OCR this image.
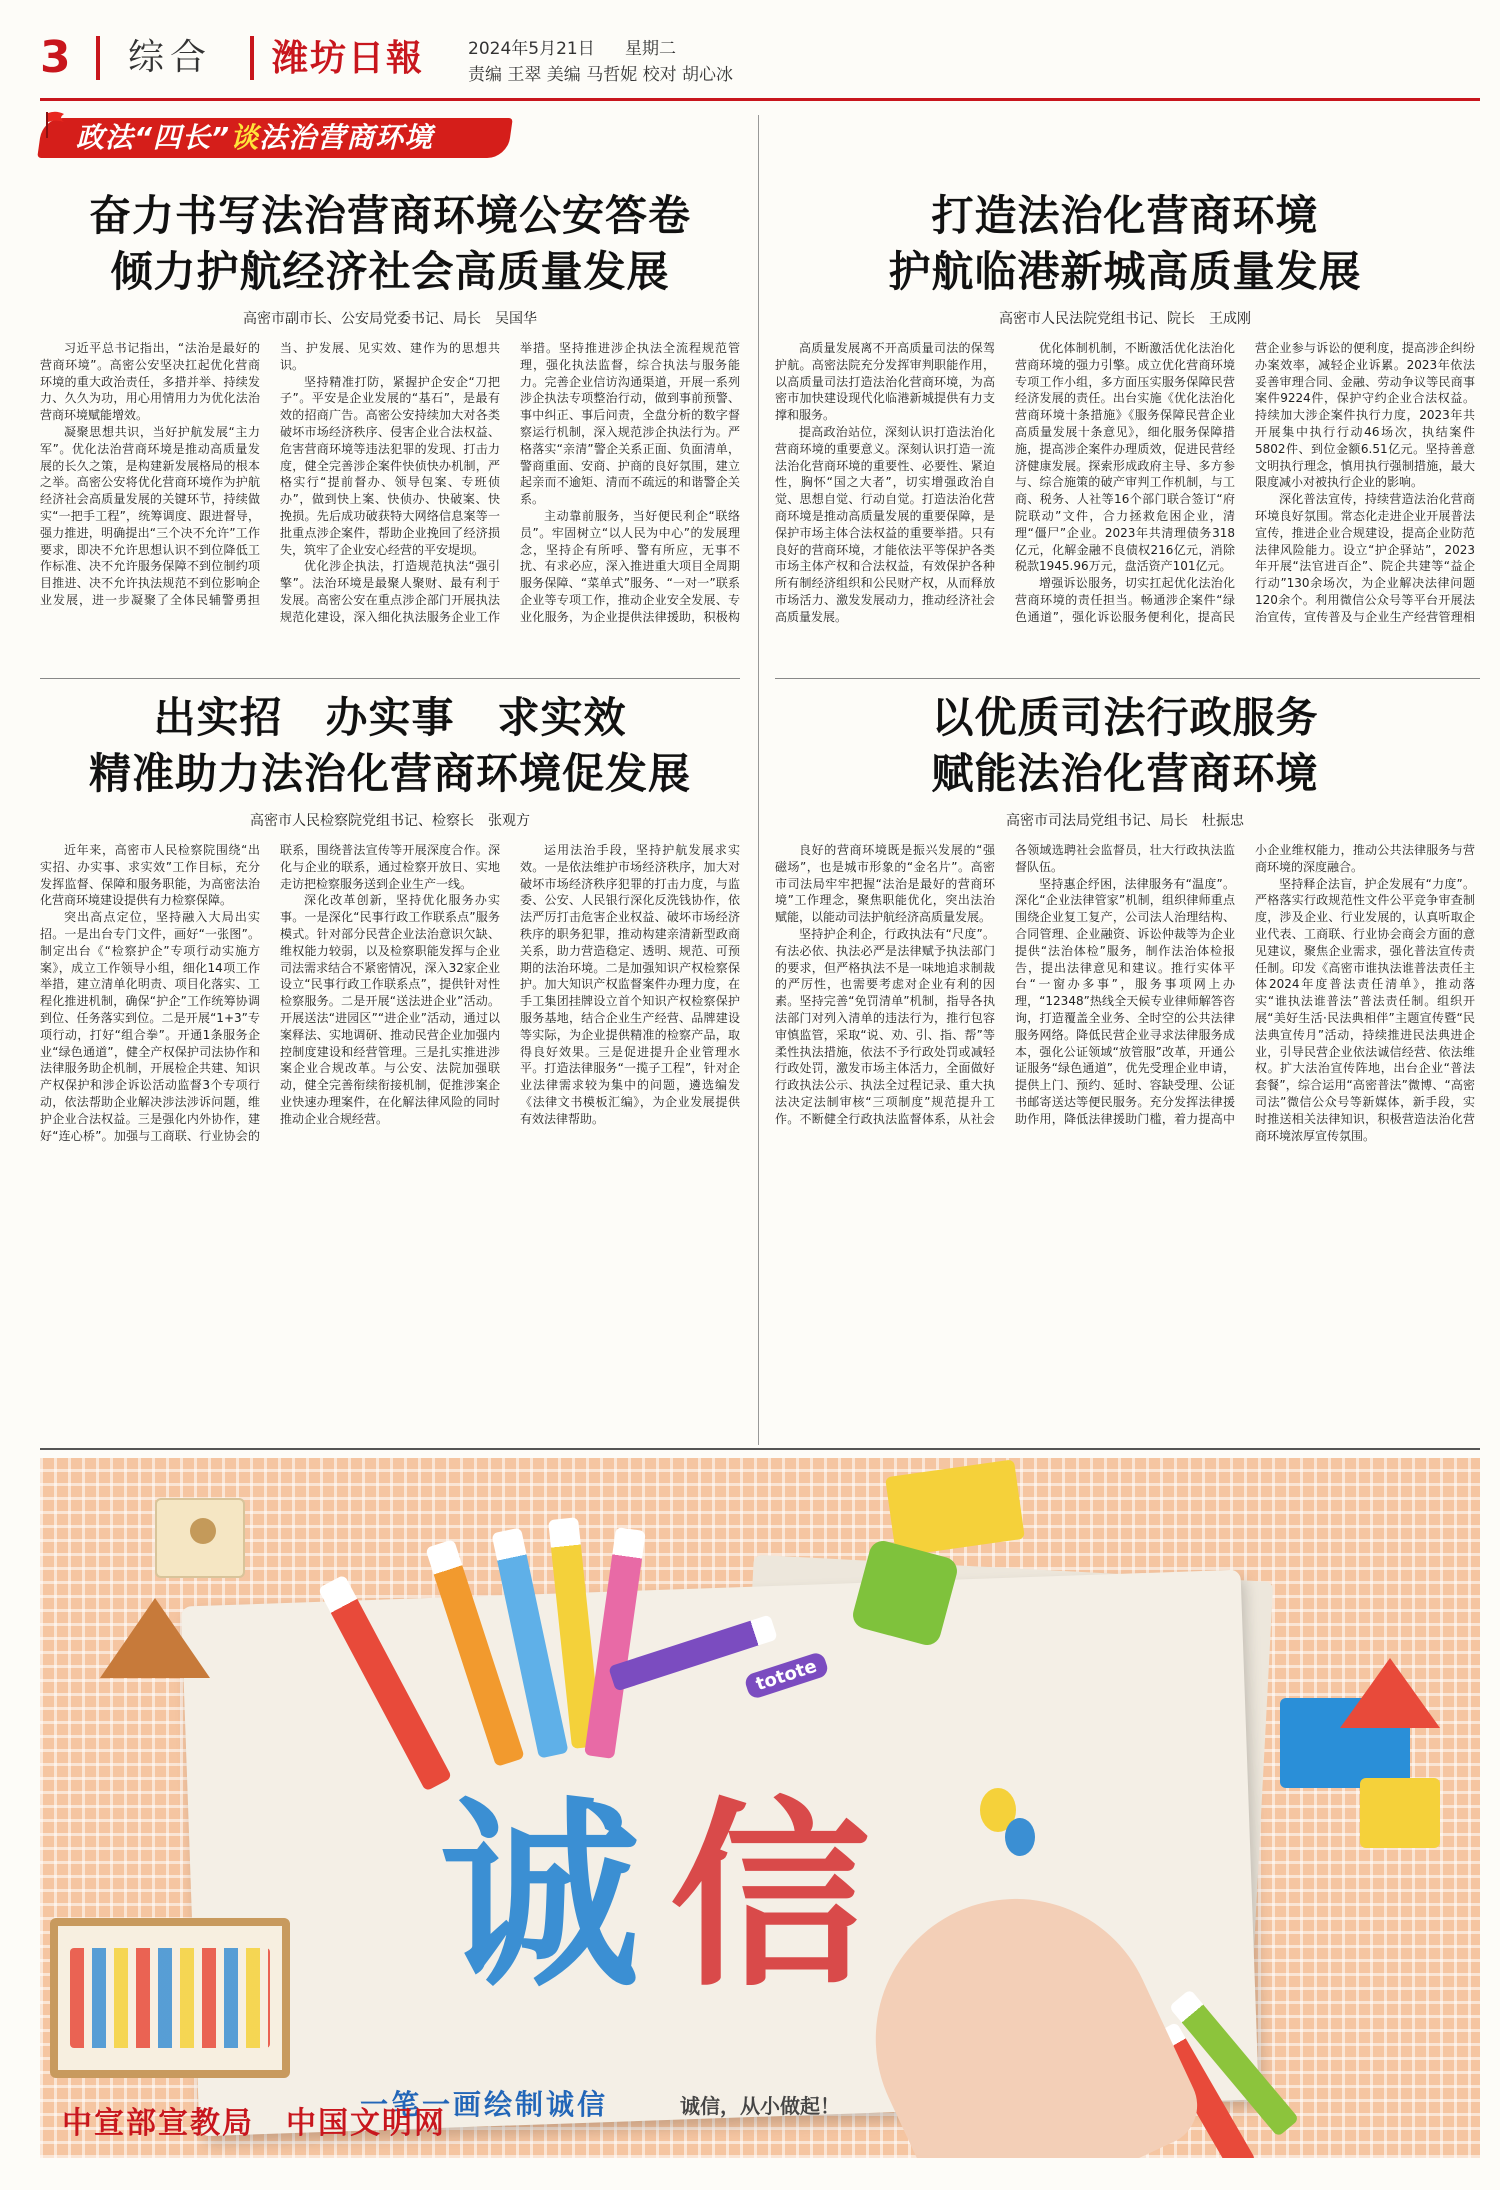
3 综合 潍坊日報	2024年5月21日 星期二
责编 王翠 美编 马哲妮 校对 胡心冰
政法“四长”谈法治营商环境
奋力书写法治营商环境公安答卷
倾力护航经济社会高质量发展
高密市副市长、公安局党委书记、局长　吴国华

习近平总书记指出，“法治是最好的营商环境”。高密公安坚决扛起优化营商环境的重大政治责任，多措并举、持续发力、久久为功，用心用情用力为优化法治营商环境赋能增效。

凝聚思想共识，当好护航发展“主力军”。优化法治营商环境是推动高质量发展的长久之策，是构建新发展格局的根本之举。高密公安将优化营商环境作为护航经济社会高质量发展的关键环节，持续做实“一把手工程”，统筹调度、跟进督导，强力推进，明确提出“三个决不允许”工作要求，即决不允许思想认识不到位降低工作标准、决不允许服务保障不到位制约项目推进、决不允许执法规范不到位影响企业发展，进一步凝聚了全体民辅警勇担当、护发展、见实效、建作为的思想共识。

坚持精准打防，紧握护企安企“刀把子”。平安是企业发展的“基石”，是最有效的招商广告。高密公安持续加大对各类破坏市场经济秩序、侵害企业合法权益、危害营商环境等违法犯罪的发现、打击力度，健全完善涉企案件快侦快办机制，严格实行“提前督办、领导包案、专班侦办”，做到快上案、快侦办、快破案、快挽损。先后成功破获特大网络信息案等一批重点涉企案件，帮助企业挽回了经济损失，筑牢了企业安心经营的平安堤坝。

优化涉企执法，打造规范执法“强引擎”。法治环境是最聚人聚财、最有利于发展。高密公安在重点涉企部门开展执法规范化建设，深入细化执法服务企业工作举措。坚持推进涉企执法全流程规范管理，强化执法监督，综合执法与服务能力。完善企业信访沟通渠道，开展一系列涉企执法专项整治行动，做到事前预警、事中纠正、事后问责，全盘分析的数字督察运行机制，深入规范涉企执法行为。严格落实“亲清”警企关系正面、负面清单，警商重面、安商、护商的良好氛围，建立起亲而不逾矩、清而不疏远的和谐警企关系。

主动靠前服务，当好便民利企“联络员”。牢固树立“以人民为中心”的发展理念，坚持企有所呼、警有所应，无事不扰、有求必应，深入推进重大项目全周期服务保障、“菜单式”服务、“一对一”联系企业等专项工作，推动企业安全发展、专业化服务，为企业提供法律援助，积极构

打造法治化营商环境
护航临港新城高质量发展
高密市人民法院党组书记、院长　王成刚

高质量发展离不开高质量司法的保驾护航。高密法院充分发挥审判职能作用，以高质量司法打造法治化营商环境，为高密市加快建设现代化临港新城提供有力支撑和服务。

提高政治站位，深刻认识打造法治化营商环境的重要意义。深刻认识打造一流法治化营商环境的重要性、必要性、紧迫性，胸怀“国之大者”，切实增强政治自觉、思想自觉、行动自觉。打造法治化营商环境是推动高质量发展的重要保障，是保护市场主体合法权益的重要举措。只有良好的营商环境，才能依法平等保护各类市场主体产权和合法权益，有效保护各种所有制经济组织和公民财产权，从而释放市场活力、激发发展动力，推动经济社会高质量发展。

优化体制机制，不断激活优化法治化营商环境的强力引擎。成立优化营商环境专项工作小组，多方面压实服务保障民营经济发展的责任。出台实施《优化法治化营商环境十条措施》《服务保障民营企业高质量发展十条意见》，细化服务保障措施，提高涉企案件办理质效，促进民营经济健康发展。探索形成政府主导、多方参与、综合施策的破产审判工作机制，与工商、税务、人社等16个部门联合签订“府院联动”文件，合力拯救危困企业，清理“僵尸”企业。2023年共清理债务318亿元，化解金融不良债权216亿元，消除税款1945.96万元，盘活资产101亿元。

增强诉讼服务，切实扛起优化法治化营商环境的责任担当。畅通涉企案件“绿色通道”，强化诉讼服务便利化，提高民营企业参与诉讼的便利度，提高涉企纠纷办案效率，减轻企业诉累。2023年依法妥善审理合同、金融、劳动争议等民商事案件9224件，保护守约企业合法权益。持续加大涉企案件执行力度，2023年共开展集中执行行动46场次，执结案件5802件、到位金额6.51亿元。坚持善意文明执行理念，慎用执行强制措施，最大限度减小对被执行企业的影响。

深化普法宣传，持续营造法治化营商环境良好氛围。常态化走进企业开展普法宣传，推进企业合规建设，提高企业防范法律风险能力。设立“护企驿站”，2023年开展“法官进百企”、院企共建等“益企行动”130余场次，为企业解决法律问题120余个。利用微信公众号等平台开展法治宣传，宣传普及与企业生产经营管理相

出实招　办实事　求实效
精准助力法治化营商环境促发展
高密市人民检察院党组书记、检察长　张观方

近年来，高密市人民检察院围绕“出实招、办实事、求实效”工作目标，充分发挥监督、保障和服务职能，为高密法治化营商环境建设提供有力检察保障。

突出高点定位，坚持融入大局出实招。一是出台专门文件，画好“一张图”。制定出台《“检察护企”专项行动实施方案》，成立工作领导小组，细化14项工作举措，建立清单化明责、项目化落实、工程化推进机制，确保“护企”工作统筹协调到位、任务落实到位。二是开展“1+3”专项行动，打好“组合拳”。开通1条服务企业“绿色通道”，健全产权保护司法协作和法律服务助企机制，开展检企共建、知识产权保护和涉企诉讼活动监督3个专项行动，依法帮助企业解决涉法涉诉问题，维护企业合法权益。三是强化内外协作，建好“连心桥”。加强与工商联、行业协会的联系，围绕普法宣传等开展深度合作。深化与企业的联系，通过检察开放日、实地走访把检察服务送到企业生产一线。

深化改革创新，坚持优化服务办实事。一是深化“民事行政工作联系点”服务模式。针对部分民营企业法治意识欠缺、维权能力较弱，以及检察职能发挥与企业司法需求结合不紧密情况，深入32家企业设立“民事行政工作联系点”，提供针对性检察服务。二是开展“送法进企业”活动。开展送法“进园区”“进企业”活动，通过以案释法、实地调研、推动民营企业加强内控制度建设和经营管理。三是扎实推进涉案企业合规改革。与公安、法院加强联动，健全完善衔续衔接机制，促推涉案企业快速办理案件，在化解法律风险的同时推动企业合规经营。

运用法治手段，坚持护航发展求实效。一是依法维护市场经济秩序，加大对破坏市场经济秩序犯罪的打击力度，与监委、公安、人民银行深化反洗钱协作，依法严厉打击危害企业权益、破坏市场经济秩序的职务犯罪，推动构建亲清新型政商关系，助力营造稳定、透明、规范、可预期的法治环境。二是加强知识产权检察保护。加大知识产权监督案件办理力度，在手工集团挂牌设立首个知识产权检察保护服务基地，结合企业生产经营、品牌建设等实际，为企业提供精准的检察产品，取得良好效果。三是促进提升企业管理水平。打造法律服务“一揽子工程”，针对企业法律需求较为集中的问题，遴选编发《法律文书模板汇编》，为企业发展提供有效法律帮助。

以优质司法行政服务
赋能法治化营商环境
高密市司法局党组书记、局长　杜振忠

良好的营商环境既是振兴发展的“强磁场”，也是城市形象的“金名片”。高密市司法局牢牢把握“法治是最好的营商环境”工作理念，聚焦职能优化，突出法治赋能，以能动司法护航经济高质量发展。

坚持护企利企，行政执法有“尺度”。有法必依、执法必严是法律赋予执法部门的要求，但严格执法不是一味地追求制裁的严厉性，也需要考虑对企业有利的因素。坚持完善“免罚清单”机制，指导各执法部门对列入清单的违法行为，推行包容审慎监管，采取“说、劝、引、指、帮”等柔性执法措施，依法不予行政处罚或减轻行政处罚，激发市场主体活力，全面做好行政执法公示、执法全过程记录、重大执法决定法制审核“三项制度”规范提升工作。不断健全行政执法监督体系，从社会各领域选聘社会监督员，壮大行政执法监督队伍。

坚持惠企纾困，法律服务有“温度”。深化“企业法律管家”机制，组织律师重点围绕企业复工复产，公司法人治理结构、合同管理、企业融资、诉讼仲裁等为企业提供“法治体检”服务，制作法治体检报告，提出法律意见和建议。推行实体平台“一窗办多事”，服务事项网上办理，“12348”热线全天候专业律师解答咨询，打造覆盖全业务、全时空的公共法律服务网络。降低民营企业寻求法律服务成本，强化公证领域“放管服”改革，开通公证服务“绿色通道”，优先受理企业申请，提供上门、预约、延时、容缺受理、公证书邮寄送达等便民服务。充分发挥法律援助作用，降低法律援助门槛，着力提高中小企业维权能力，推动公共法律服务与营商环境的深度融合。

坚持释企法盲，护企发展有“力度”。严格落实行政规范性文件公平竞争审查制度，涉及企业、行业发展的，认真听取企业代表、工商联、行业协会商会方面的意见建议，聚焦企业需求，强化普法宣传责任制。印发《高密市谁执法谁普法责任主体2024年度普法责任清单》，推动落实“谁执法谁普法”普法责任制。组织开展“美好生活·民法典相伴”主题宣传暨“民法典宣传月”活动，持续推进民法典进企业，引导民营企业依法诚信经营、依法维权。扩大法治宣传阵地，出台企业“普法套餐”，综合运用“高密普法”微博、“高密司法”微信公众号等新媒体，新手段，实时推送相关法律知识，积极营造法治化营商环境浓厚宣传氛围。

totote
诚信
一笔一画绘制诚信	诚信，从小做起！
中宣部宣教局　中国文明网
